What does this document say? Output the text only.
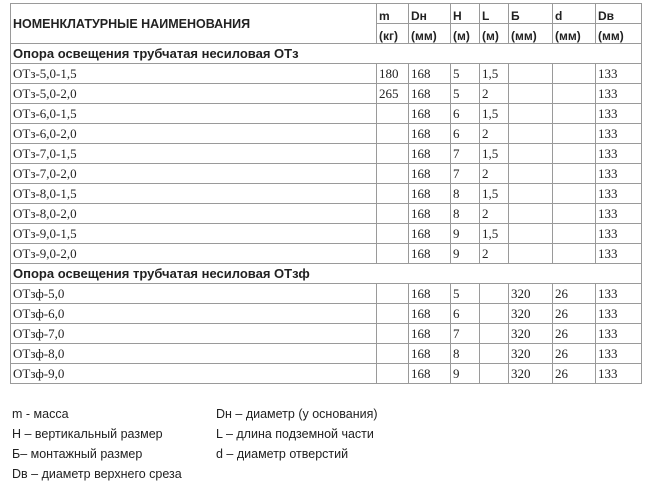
НОМЕНКЛАТУРНЫЕ НАИМЕНОВАНИЯ	m	Dн	H	L	Б	d	Dв
	(кг)	(мм)	(м)	(м)	(мм)	(мм)	(мм)
Опора освещения трубчатая несиловая ОТз							
ОТз-5,0-1,5	180	168	5	1,5			133
ОТз-5,0-2,0	265	168	5	2			133
ОТз-6,0-1,5		168	6	1,5			133
ОТз-6,0-2,0		168	6	2			133
ОТз-7,0-1,5		168	7	1,5			133
ОТз-7,0-2,0		168	7	2			133
ОТз-8,0-1,5		168	8	1,5			133
ОТз-8,0-2,0		168	8	2			133
ОТз-9,0-1,5		168	9	1,5			133
ОТз-9,0-2,0		168	9	2			133
Опора освещения трубчатая несиловая ОТзф							
ОТзф-5,0		168	5		320	26	133
ОТзф-6,0		168	6		320	26	133
ОТзф-7,0		168	7		320	26	133
ОТзф-8,0		168	8		320	26	133
ОТзф-9,0		168	9		320	26	133
m - масса	Dн – диаметр (у основания)
H – вертикальный размер	L – длина подземной части
Б– монтажный размер	d – диаметр отверстий
Dв – диаметр верхнего среза
